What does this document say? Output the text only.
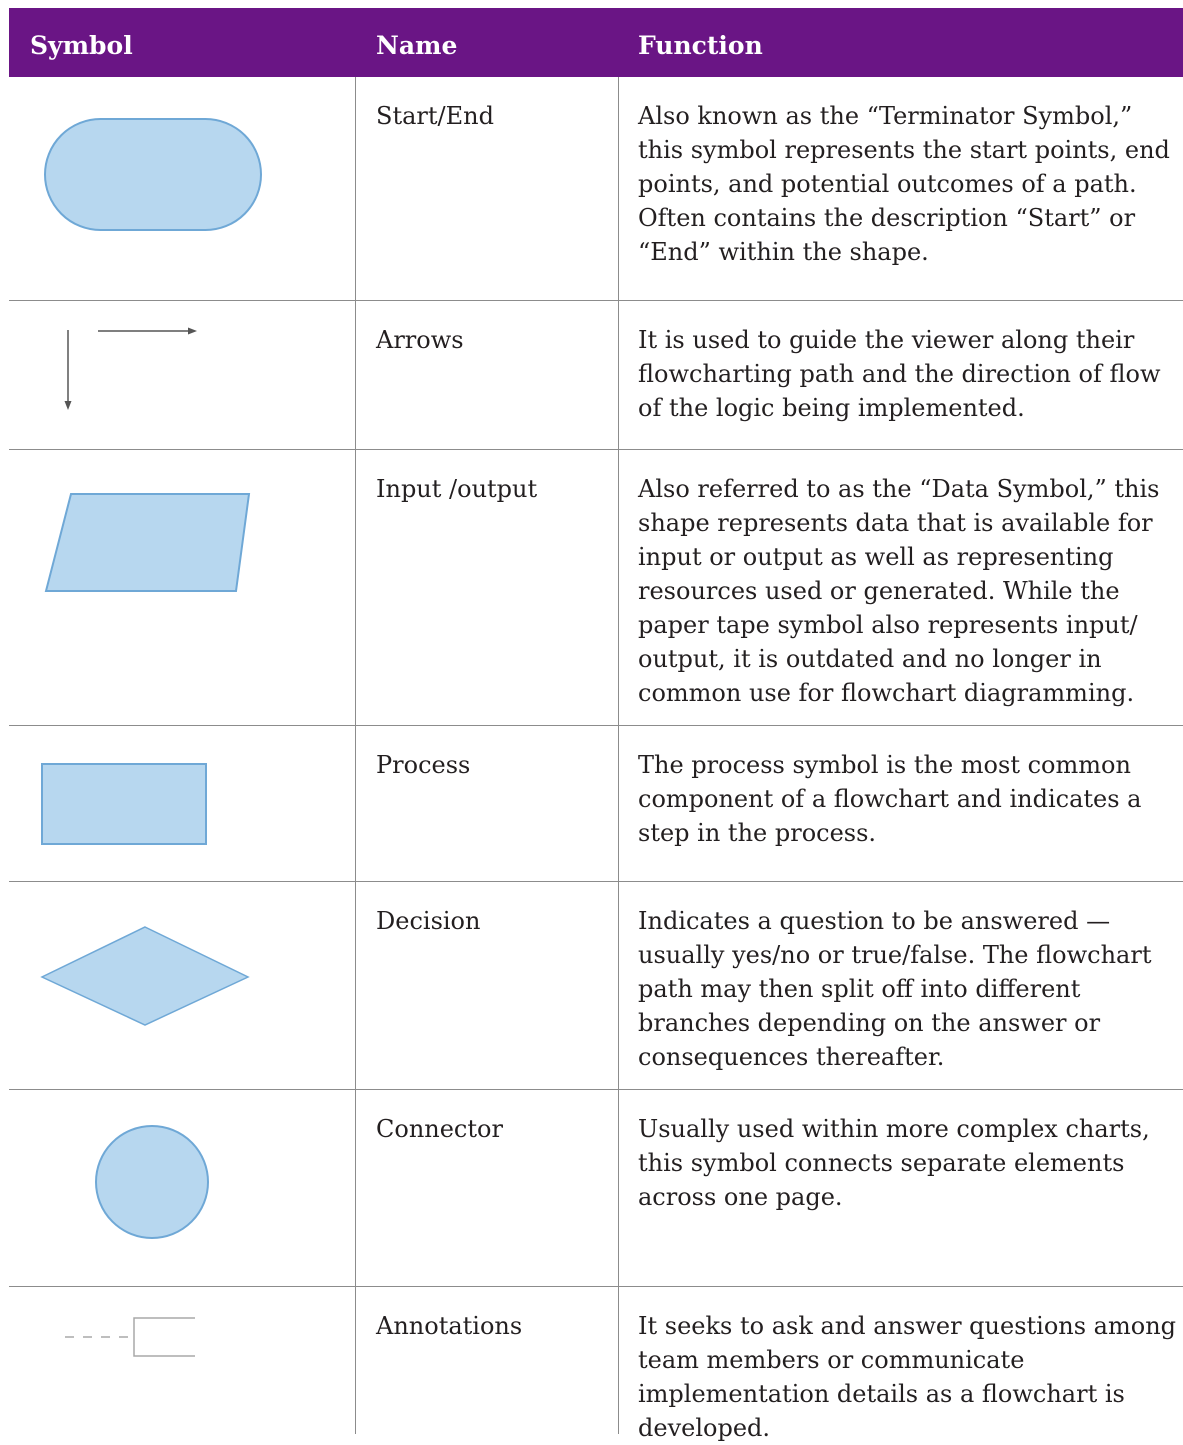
Symbol	Name	Function
Start/End	Also known as the “Terminator Symbol,” this symbol represents the start points, end points, and potential outcomes of a path. Often contains the description “Start” or “End” within the shape.
Arrows	It is used to guide the viewer along their flowcharting path and the direction of flow of the logic being implemented.
Input /output	Also referred to as the “Data Symbol,” this shape represents data that is available for input or output as well as representing resources used or generated. While the paper tape symbol also represents input/ output, it is outdated and no longer in common use for flowchart diagramming.
Process	The process symbol is the most common component of a flowchart and indicates a step in the process.
Decision	Indicates a question to be answered — usually yes/no or true/false. The flowchart path may then split off into different branches depending on the answer or consequences thereafter.
Connector	Usually used within more complex charts, this symbol connects separate elements across one page.
Annotations	It seeks to ask and answer questions among team members or communicate implementation details as a flowchart is developed.
